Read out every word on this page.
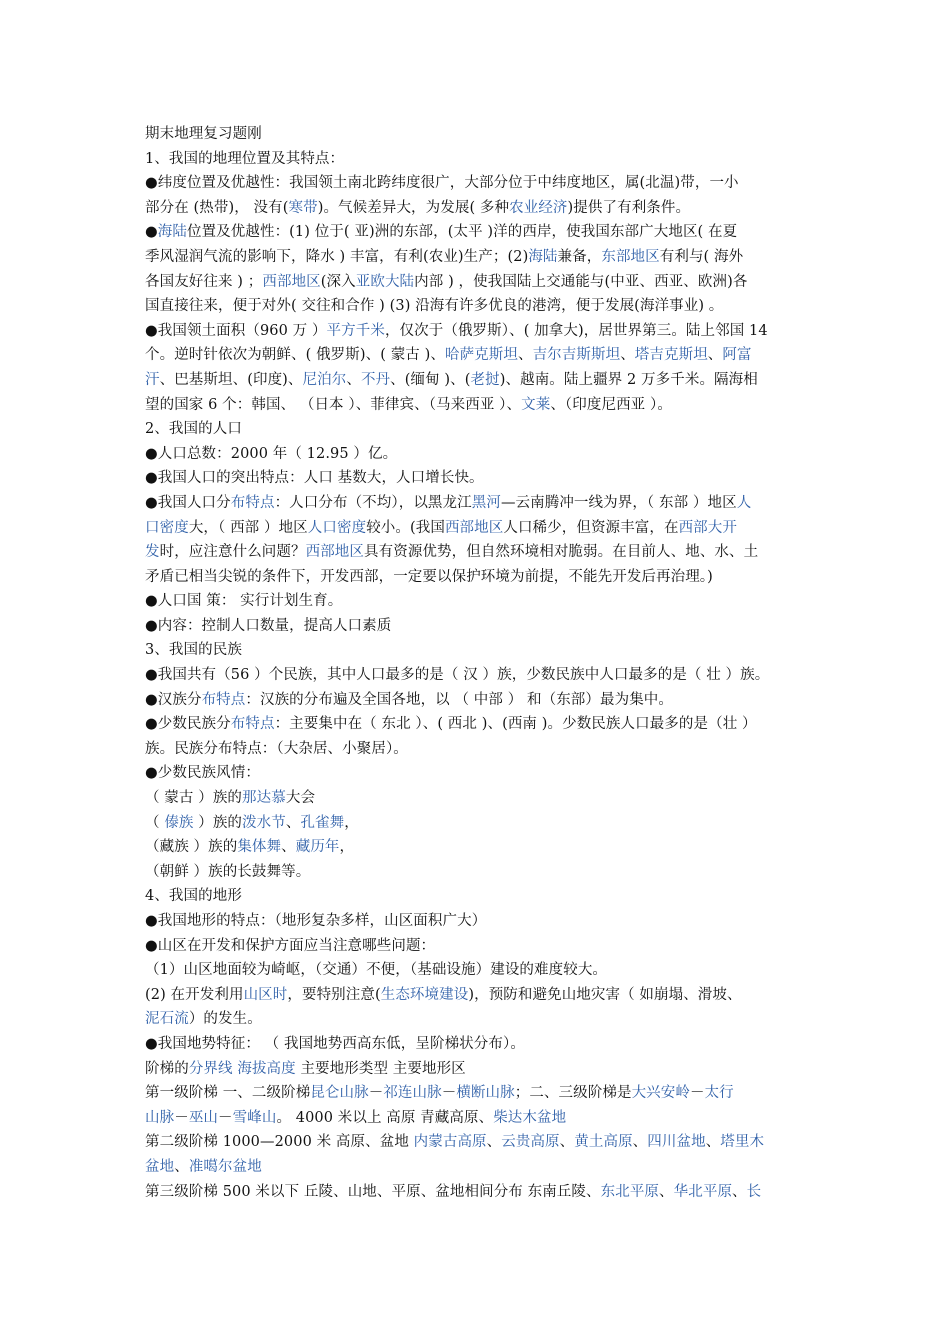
期末地理复习题刚
1、我国的地理位置及其特点：
●纬度位置及优越性：我国领土南北跨纬度很广，大部分位于中纬度地区，属(北温)带，一小
部分在 (热带)， 没有(寒带)。气候差异大，为发展( 多种农业经济)提供了有利条件。
●海陆位置及优越性：(1) 位于( 亚)洲的东部，(太平 )洋的西岸，使我国东部广大地区( 在夏
季风湿润气流的影响下，降水 ) 丰富，有利(农业)生产；(2)海陆兼备，东部地区有利与( 海外
各国友好往来 ) ；西部地区(深入亚欧大陆内部 ) ，使我国陆上交通能与(中亚、西亚、欧洲)各
国直接往来，便于对外( 交往和合作 ) (3) 沿海有许多优良的港湾，便于发展(海洋事业) 。
●我国领土面积（960 万 ）平方千米，仅次于（俄罗斯）、( 加拿大)，居世界第三。陆上邻国 14
个。逆时针依次为朝鲜、( 俄罗斯)、( 蒙古 )、哈萨克斯坦、吉尔吉斯斯坦、塔吉克斯坦、阿富
汗、巴基斯坦、(印度)、尼泊尔、不丹、(缅甸 )、(老挝)、越南。陆上疆界 2 万多千米。隔海相
望的国家 6 个：韩国、 （日本 ）、菲律宾、（马来西亚 ）、文莱、（印度尼西亚 ）。
2、我国的人口
●人口总数：2000 年（ 12.95 ）亿。
●我国人口的突出特点：人口 基数大，人口增长快。
●我国人口分布特点：人口分布（不均），以黑龙江黑河—云南腾冲一线为界，（ 东部 ）地区人
口密度大，（ 西部 ）地区人口密度较小。(我国西部地区人口稀少，但资源丰富，在西部大开
发时，应注意什么问题？西部地区具有资源优势，但自然环境相对脆弱。在目前人、地、水、土
矛盾已相当尖锐的条件下，开发西部，一定要以保护环境为前提，不能先开发后再治理。)
●人口国 策： 实行计划生育。
●内容：控制人口数量，提高人口素质
3、我国的民族
●我国共有（56 ）个民族，其中人口最多的是（ 汉 ）族，少数民族中人口最多的是（ 壮 ）族。
●汉族分布特点：汉族的分布遍及全国各地，以 （ 中部 ） 和（东部）最为集中。
●少数民族分布特点：主要集中在（ 东北 ）、( 西北 )、(西南 )。少数民族人口最多的是（壮 ）
族。民族分布特点：（大杂居、小聚居）。
●少数民族风情：
（ 蒙古 ）族的那达慕大会
（ 傣族 ）族的泼水节、孔雀舞，
（藏族 ）族的集体舞、藏历年，
（朝鲜 ）族的长鼓舞等。
4、我国的地形
●我国地形的特点：（地形复杂多样，山区面积广大）
●山区在开发和保护方面应当注意哪些问题：
（1）山区地面较为崎岖，（交通）不便，（基础设施）建设的难度较大。
(2) 在开发利用山区时，要特别注意(生态环境建设)，预防和避免山地灾害（ 如崩塌、滑坡、
泥石流）的发生。
●我国地势特征： （ 我国地势西高东低，呈阶梯状分布）。
阶梯的分界线 海拔高度 主要地形类型 主要地形区
第一级阶梯 一、二级阶梯昆仑山脉－祁连山脉－横断山脉；二、三级阶梯是大兴安岭－太行
山脉－巫山－雪峰山。 4000 米以上 高原 青藏高原、柴达木盆地
第二级阶梯 1000—2000 米 高原、盆地 内蒙古高原、云贵高原、黄土高原、四川盆地、塔里木
盆地、准噶尔盆地
第三级阶梯 500 米以下 丘陵、山地、平原、盆地相间分布 东南丘陵、东北平原、华北平原、长
